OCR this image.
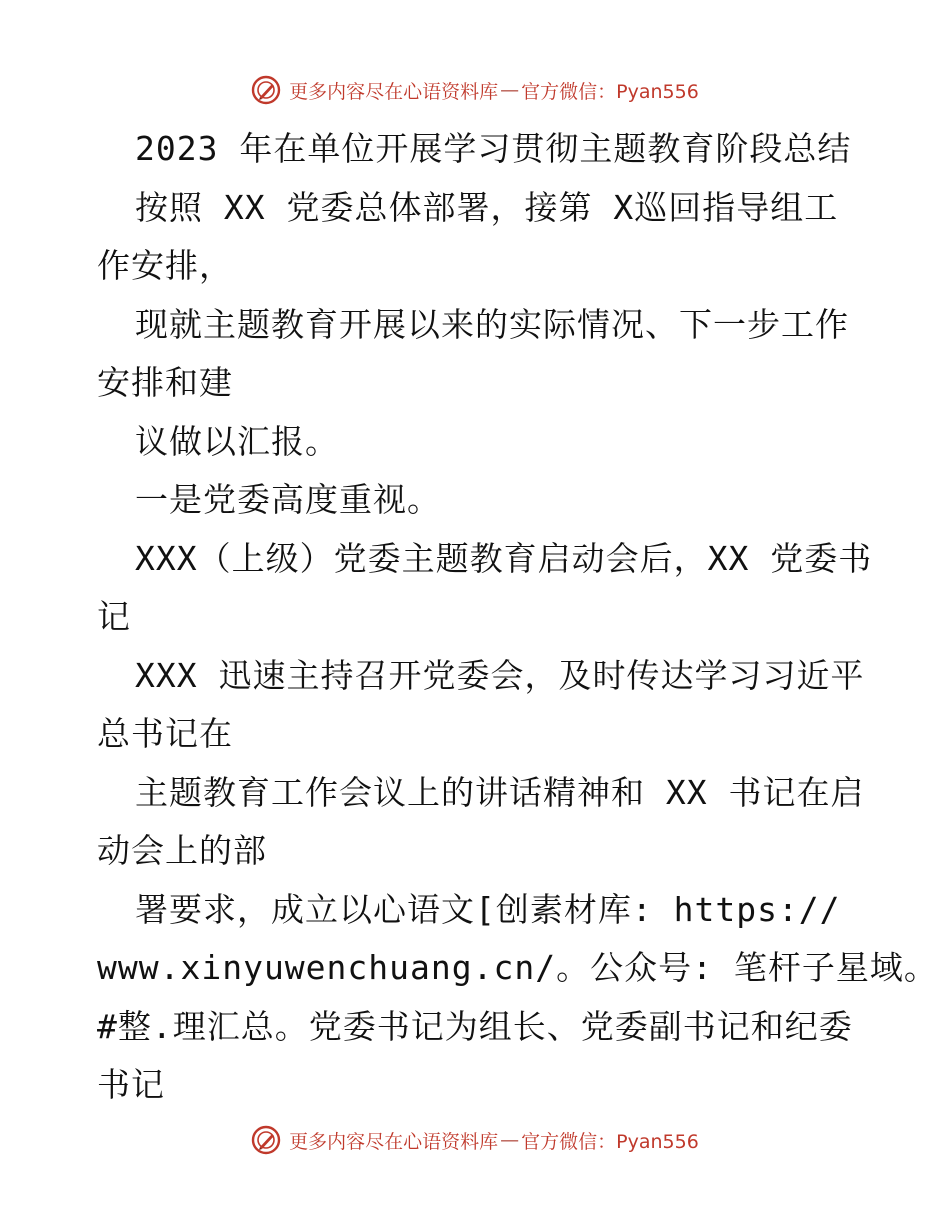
更多内容尽在心语资料库 — 官方微信：Pyan556
2023 年在单位开展学习贯彻主题教育阶段总结
按照 XX 党委总体部署，接第 X巡回指导组工
作安排，
现就主题教育开展以来的实际情况、下一步工作
安排和建
议做以汇报。
一是党委高度重视。
XXX（上级）党委主题教育启动会后，XX 党委书
记
XXX 迅速主持召开党委会，及时传达学习习近平
总书记在
主题教育工作会议上的讲话精神和 XX 书记在启
动会上的部
署要求，成立以心语文[创素材库: https://
www.xinyuwenchuang.cn/。公众号: 笔杆子星域。
#整.理汇总。党委书记为组长、党委副书记和纪委
书记
更多内容尽在心语资料库 — 官方微信：Pyan556
